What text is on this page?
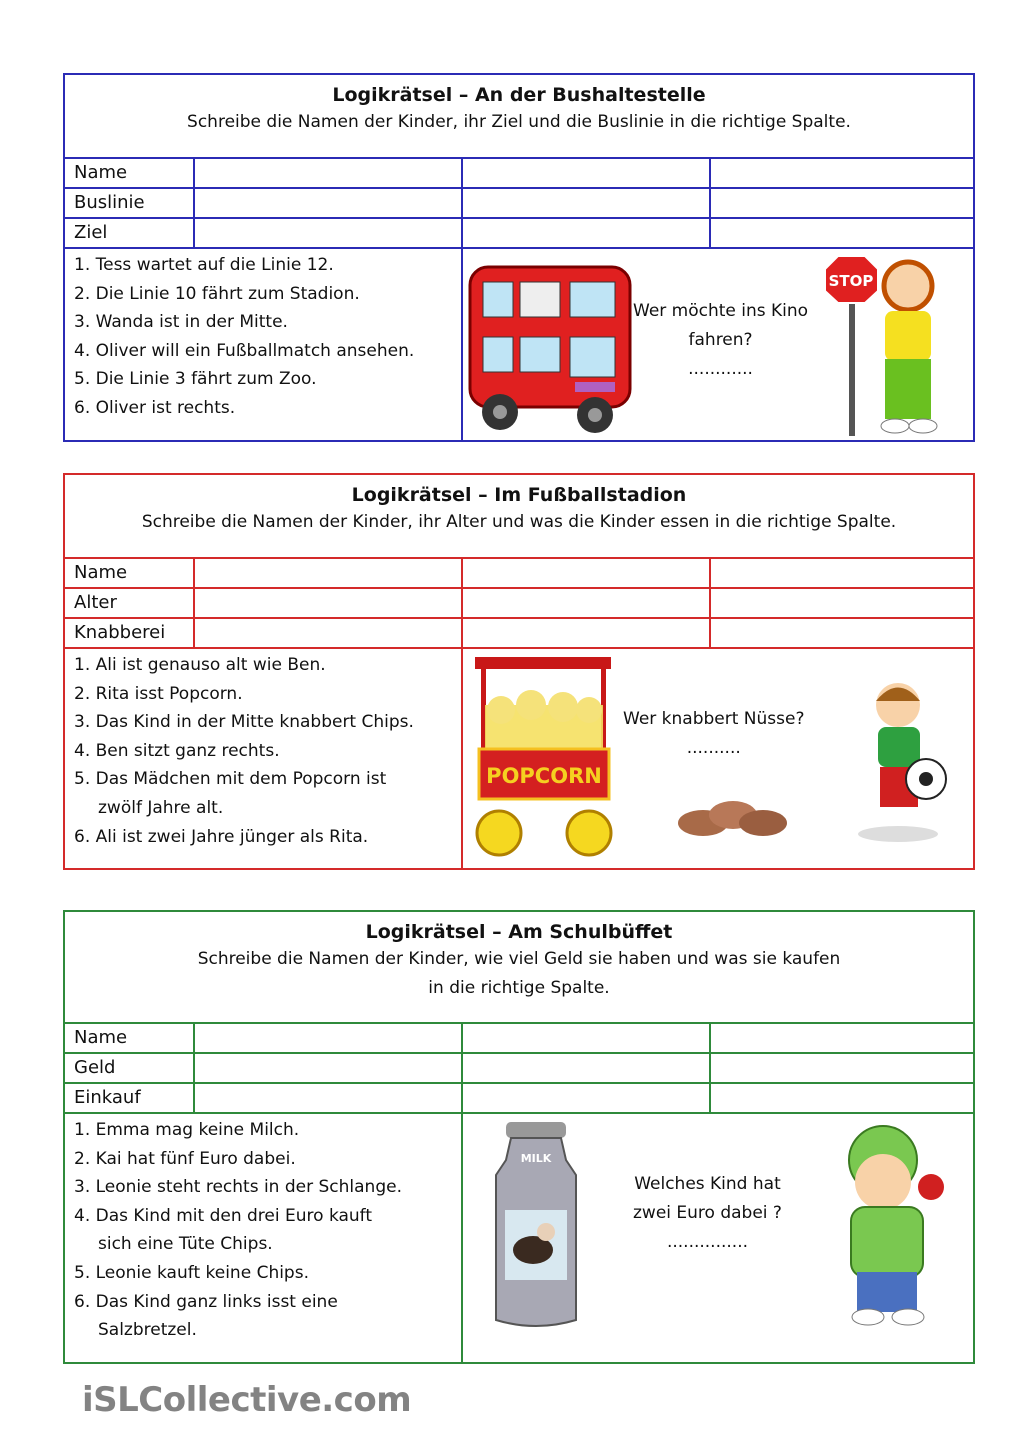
Logikrätsel – An der Bushaltestelle
Schreibe die Namen der Kinder, ihr Ziel und die Buslinie in die richtige Spalte.
Name
Buslinie
Ziel
1. Tess wartet auf die Linie 12.
2. Die Linie 10 fährt zum Stadion.
3. Wanda ist in der Mitte.
4. Oliver will ein Fußballmatch ansehen.
5. Die Linie 3 fährt zum Zoo.
6. Oliver ist rechts.
STOP
Wer möchte ins Kino
fahren?
............
Logikrätsel – Im Fußballstadion
Schreibe die Namen der Kinder, ihr Alter und was die Kinder essen in die richtige Spalte.
Name
Alter
Knabberei
1. Ali ist genauso alt wie Ben.
2. Rita isst Popcorn.
3. Das Kind in der Mitte knabbert Chips.
4. Ben sitzt ganz rechts.
5. Das Mädchen mit dem Popcorn ist
zwölf Jahre alt.
6. Ali ist zwei Jahre jünger als Rita.
POPCORN
Wer knabbert Nüsse?
..........
Logikrätsel – Am Schulbüffet
Schreibe die Namen der Kinder, wie viel Geld sie haben und was sie kaufen
in die richtige Spalte.
Name
Geld
Einkauf
1. Emma mag keine Milch.
2. Kai hat fünf Euro dabei.
3. Leonie steht rechts in der Schlange.
4. Das Kind mit den drei Euro kauft
sich eine Tüte Chips.
5. Leonie kauft keine Chips.
6. Das Kind ganz links isst eine
Salzbretzel.
MILK
Welches Kind hat
zwei Euro dabei ?
...............
iSLCollective.com
